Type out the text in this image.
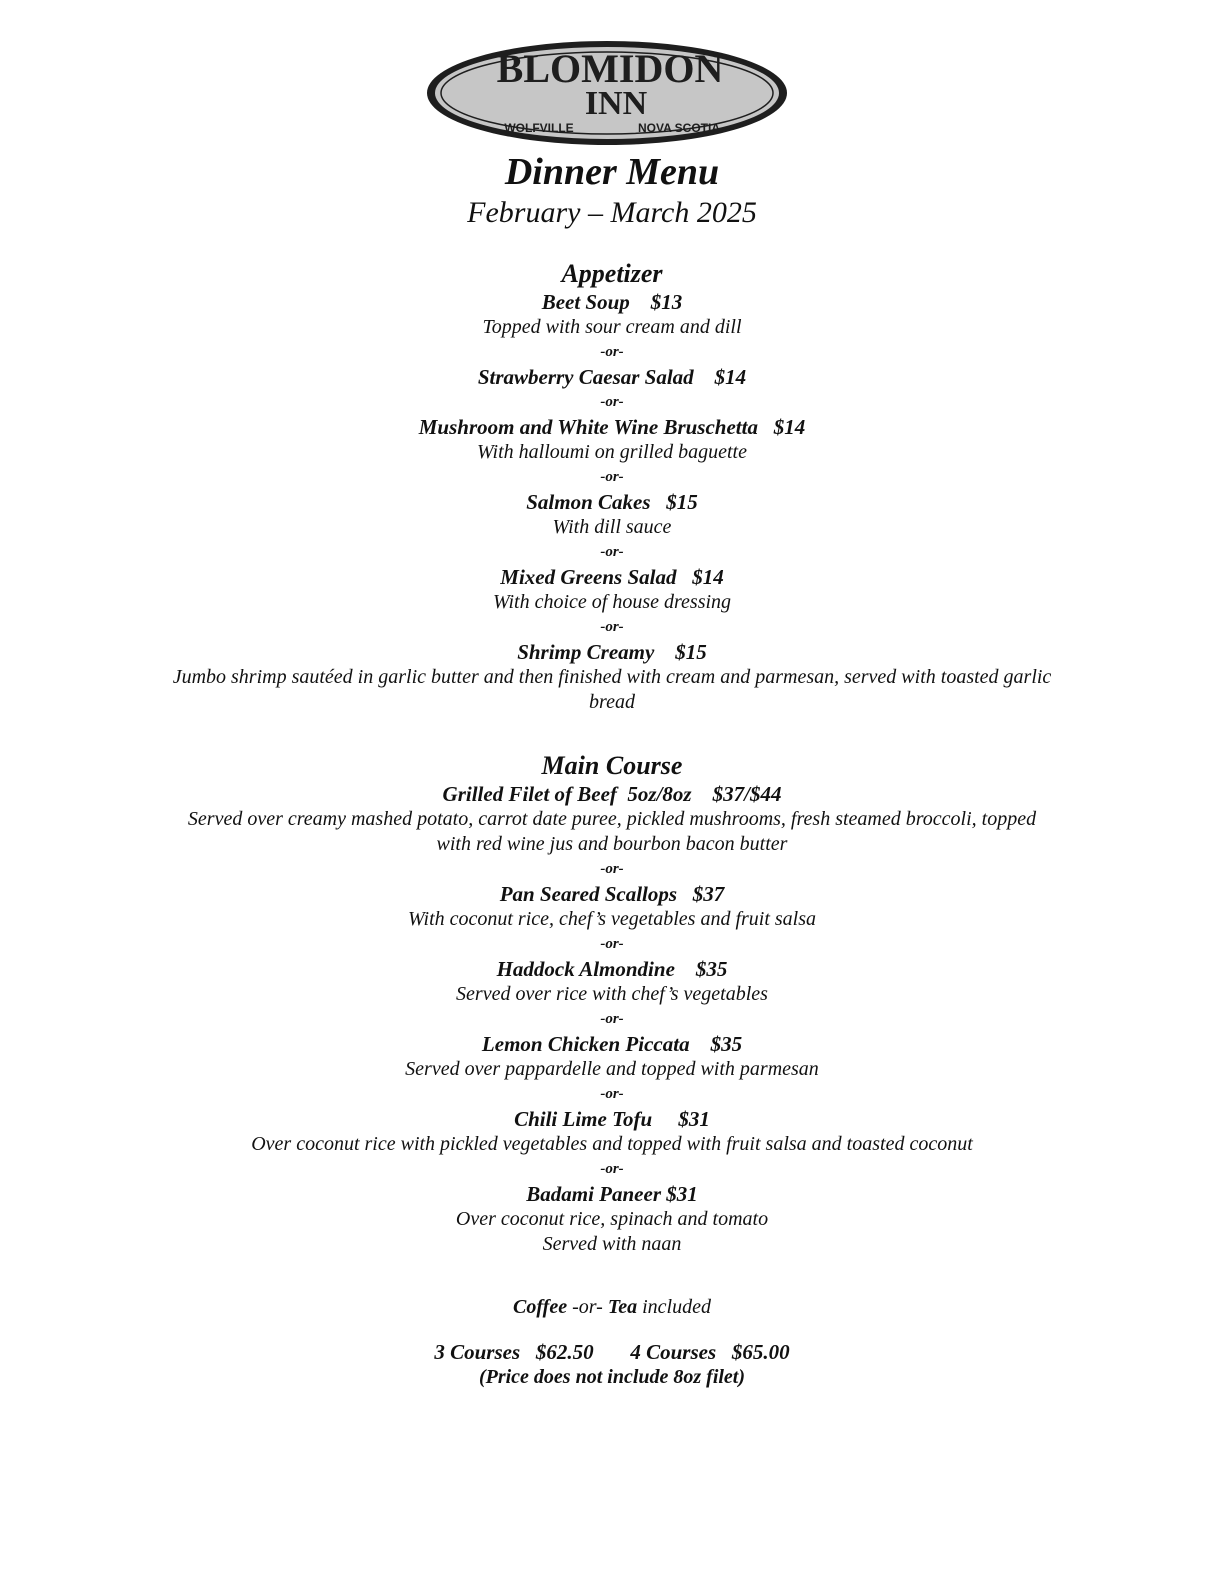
BLOMIDON
INN
WOLFVILLE	NOVA SCOTIA
Dinner Menu
February – March 2025
Appetizer
Beet Soup    $13
Topped with sour cream and dill
-or-
Strawberry Caesar Salad    $14
-or-
Mushroom and White Wine Bruschetta   $14
With halloumi on grilled baguette
-or-
Salmon Cakes   $15
With dill sauce
-or-
Mixed Greens Salad   $14
With choice of house dressing
-or-
Shrimp Creamy    $15
Jumbo shrimp sautéed in garlic butter and then finished with cream and parmesan, served with toasted garlic bread
Main Course
Grilled Filet of Beef  5oz/8oz    $37/$44
Served over creamy mashed potato, carrot date puree, pickled mushrooms, fresh steamed broccoli, topped with red wine jus and bourbon bacon butter
-or-
Pan Seared Scallops   $37
With coconut rice, chef’s vegetables and fruit salsa
-or-
Haddock Almondine    $35
Served over rice with chef’s vegetables
-or-
Lemon Chicken Piccata    $35
Served over pappardelle and topped with parmesan
-or-
Chili Lime Tofu     $31
Over coconut rice with pickled vegetables and topped with fruit salsa and toasted coconut
-or-
Badami Paneer $31
Over coconut rice, spinach and tomato
Served with naan
Coffee -or- Tea included
3 Courses   $62.50       4 Courses   $65.00
(Price does not include 8oz filet)
